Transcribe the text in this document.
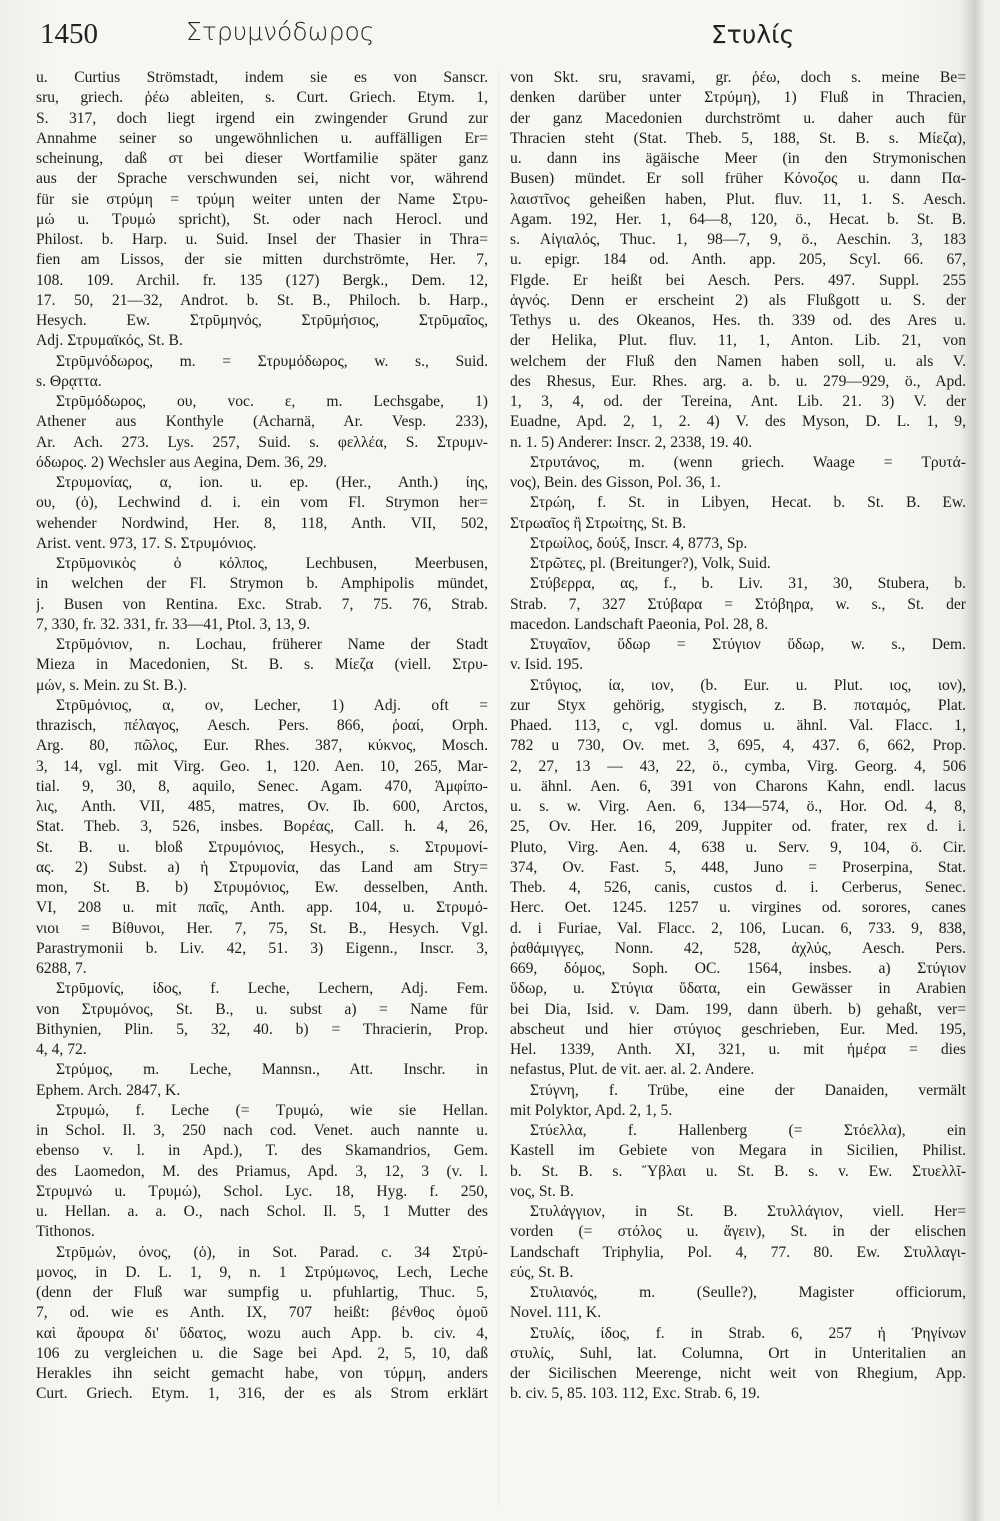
1450	Στρυμνόδωρος	Στυλίς
u. Curtius Strömstadt, indem sie es von Sanscr.
sru, griech. ῥέω ableiten, s. Curt. Griech. Etym. 1,
S. 317, doch liegt irgend ein zwingender Grund zur
Annahme seiner so ungewöhnlichen u. auffälligen Er=
scheinung, daß στ bei dieser Wortfamilie später ganz
aus der Sprache verschwunden sei, nicht vor, während
für sie στρύμη = τρύμη weiter unten der Name Στρυ-
μώ u. Τρυμώ spricht), St. oder nach Herocl. und
Philost. b. Harp. u. Suid. Insel der Thasier in Thra=
fien am Lissos, der sie mitten durchströmte, Her. 7,
108. 109. Archil. fr. 135 (127) Bergk., Dem. 12,
17. 50, 21—32, Androt. b. St. B., Philoch. b. Harp.,
Hesych. Ew. Στρῡμηνός, Στρῡμήσιος, Στρῡμαῖος,
Adj. Στρυμαϊκός, St. B.
Στρῡμνόδωρος, m. = Στρυμόδωρος, w. s., Suid.
s. Θρᾳττα.
Στρῡμόδωρος, ου, voc. ε, m. Lechsgabe, 1)
Athener aus Konthyle (Acharnä, Ar. Vesp. 233),
Ar. Ach. 273. Lys. 257, Suid. s. φελλέα, S. Στρυμν-
όδωρος. 2) Wechsler aus Aegina, Dem. 36, 29.
Στρυμονίας, α, ion. u. ep. (Her., Anth.) ίης,
ου, (ὁ), Lechwind d. i. ein vom Fl. Strymon her=
wehender Nordwind, Her. 8, 118, Anth. VII, 502,
Arist. vent. 973, 17. S. Στρυμόνιος.
Στρῡμονικὸς ὁ κόλπος, Lechbusen, Meerbusen,
in welchen der Fl. Strymon b. Amphipolis mündet,
j. Busen von Rentina. Exc. Strab. 7, 75. 76, Strab.
7, 330, fr. 32. 331, fr. 33—41, Ptol. 3, 13, 9.
Στρῡμόνιον, n. Lochau, früherer Name der Stadt
Mieza in Macedonien, St. B. s. Μίεζα (viell. Στρυ-
μών, s. Mein. zu St. B.).
Στρῡμόνιος, α, ον, Lecher, 1) Adj. oft =
thrazisch, πέλαγος, Aesch. Pers. 866, ῥοαί, Orph.
Arg. 80, πῶλος, Eur. Rhes. 387, κύκνος, Mosch.
3, 14, vgl. mit Virg. Geo. 1, 120. Aen. 10, 265, Mar-
tial. 9, 30, 8, aquilo, Senec. Agam. 470, Ἀμφίπο-
λις, Anth. VII, 485, matres, Ov. Ib. 600, Arctos,
Stat. Theb. 3, 526, insbes. Βορέας, Call. h. 4, 26,
St. B. u. bloß Στρυμόνιος, Hesych., s. Στρυμονί-
ας. 2) Subst. a) ἡ Στρυμονία, das Land am Stry=
mon, St. B. b) Στρυμόνιος, Ew. desselben, Anth.
VI, 208 u. mit παῖς, Anth. app. 104, u. Στρυμό-
νιοι = Βίθυνοι, Her. 7, 75, St. B., Hesych. Vgl.
Parastrymonii b. Liv. 42, 51. 3) Eigenn., Inscr. 3,
6288, 7.
Στρῡμονίς, ίδος, f. Leche, Lechern, Adj. Fem.
von Στρυμόνος, St. B., u. subst a) = Name für
Bithynien, Plin. 5, 32, 40. b) = Thracierin, Prop.
4, 4, 72.
Στρύμος, m. Leche, Mannsn., Att. Inschr. in
Ephem. Arch. 2847, K.
Στρυμώ, f. Leche (= Τρυμώ, wie sie Hellan.
in Schol. Il. 3, 250 nach cod. Venet. auch nannte u.
ebenso v. l. in Apd.), T. des Skamandrios, Gem.
des Laomedon, M. des Priamus, Apd. 3, 12, 3 (v. l.
Στρυμνώ u. Τρυμώ), Schol. Lyc. 18, Hyg. f. 250,
u. Hellan. a. a. O., nach Schol. Il. 5, 1 Mutter des
Tithonos.
Στρῡμών, όνος, (ὁ), in Sot. Parad. c. 34 Στρύ-
μονος, in D. L. 1, 9, n. 1 Στρύμωνος, Lech, Leche
(denn der Fluß war sumpfig u. pfuhlartig, Thuc. 5,
7, od. wie es Anth. IX, 707 heißt: βένθος ὁμοῦ
καὶ ἄρουρα δι' ὕδατος, wozu auch App. b. civ. 4,
106 zu vergleichen u. die Sage bei Apd. 2, 5, 10, daß
Herakles ihn seicht gemacht habe, von τύρμη, anders
Curt. Griech. Etym. 1, 316, der es als Strom erklärt
von Skt. sru, sravami, gr. ῥέω, doch s. meine Be=
denken darüber unter Στρύμη), 1) Fluß in Thracien,
der ganz Macedonien durchströmt u. daher auch für
Thracien steht (Stat. Theb. 5, 188, St. B. s. Μίεζα),
u. dann ins ägäische Meer (in den Strymonischen
Busen) mündet. Er soll früher Κόνοζος u. dann Πα-
λαιστῖνος geheißen haben, Plut. fluv. 11, 1. S. Aesch.
Agam. 192, Her. 1, 64—8, 120, ö., Hecat. b. St. B.
s. Αἰγιαλός, Thuc. 1, 98—7, 9, ö., Aeschin. 3, 183
u. epigr. 184 od. Anth. app. 205, Scyl. 66. 67,
Flgde. Er heißt bei Aesch. Pers. 497. Suppl. 255
ἁγνός. Denn er erscheint 2) als Flußgott u. S. der
Tethys u. des Okeanos, Hes. th. 339 od. des Ares u.
der Helika, Plut. fluv. 11, 1, Anton. Lib. 21, von
welchem der Fluß den Namen haben soll, u. als V.
des Rhesus, Eur. Rhes. arg. a. b. u. 279—929, ö., Apd.
1, 3, 4, od. der Tereina, Ant. Lib. 21. 3) V. der
Euadne, Apd. 2, 1, 2. 4) V. des Myson, D. L. 1, 9,
n. 1. 5) Anderer: Inscr. 2, 2338, 19. 40.
Στρυτάνος, m. (wenn griech. Waage = Τρυτά-
νος), Bein. des Gisson, Pol. 36, 1.
Στρώη, f. St. in Libyen, Hecat. b. St. B. Ew.
Στρωαῖος ἢ Στρωίτης, St. B.
Στρωίλος, δούξ, Inscr. 4, 8773, Sp.
Στρῶτες, pl. (Breitunger?), Volk, Suid.
Στύβερρα, ας, f., b. Liv. 31, 30, Stubera, b.
Strab. 7, 327 Στύβαρα = Στόβηρα, w. s., St. der
macedon. Landschaft Paeonia, Pol. 28, 8.
Στυγαῖον, ὕδωρ = Στύγιον ὕδωρ, w. s., Dem.
v. Isid. 195.
Στΰγιος, ία, ιον, (b. Eur. u. Plut. ιος, ιον),
zur Styx gehörig, stygisch, z. B. ποταμός, Plat.
Phaed. 113, c, vgl. domus u. ähnl. Val. Flacc. 1,
782 u 730, Ov. met. 3, 695, 4, 437. 6, 662, Prop.
2, 27, 13 — 43, 22, ö., cymba, Virg. Georg. 4, 506
u. ähnl. Aen. 6, 391 von Charons Kahn, endl. lacus
u. s. w. Virg. Aen. 6, 134—574, ö., Hor. Od. 4, 8,
25, Ov. Her. 16, 209, Juppiter od. frater, rex d. i.
Pluto, Virg. Aen. 4, 638 u. Serv. 9, 104, ö. Cir.
374, Ov. Fast. 5, 448, Juno = Proserpina, Stat.
Theb. 4, 526, canis, custos d. i. Cerberus, Senec.
Herc. Oet. 1245. 1257 u. virgines od. sorores, canes
d. i Furiae, Val. Flacc. 2, 106, Lucan. 6, 733. 9, 838,
ῥαθάμιγγες, Nonn. 42, 528, ἀχλύς, Aesch. Pers.
669, δόμος, Soph. OC. 1564, insbes. a) Στύγιον
ὕδωρ, u. Στύγια ὕδατα, ein Gewässer in Arabien
bei Dia, Isid. v. Dam. 199, dann überh. b) gehaßt, ver=
abscheut und hier στύγιος geschrieben, Eur. Med. 195,
Hel. 1339, Anth. XI, 321, u. mit ἡμέρα = dies
nefastus, Plut. de vit. aer. al. 2. Andere.
Στύγνη, f. Trübe, eine der Danaiden, vermält
mit Polyktor, Apd. 2, 1, 5.
Στύελλα, f. Hallenberg (= Στόελλα), ein
Kastell im Gebiete von Megara in Sicilien, Philist.
b. St. B. s. Ὕβλαι u. St. B. s. v. Ew. Στυελλῖ-
νος, St. B.
Στυλάγγιον, in St. B. Στυλλάγιον, viell. Her=
vorden (= στόλος u. ἄγειν), St. in der elischen
Landschaft Triphylia, Pol. 4, 77. 80. Ew. Στυλλαγι-
εύς, St. B.
Στυλιανός, m. (Seulle?), Magister officiorum,
Novel. 111, K.
Στυλίς, ίδος, f. in Strab. 6, 257 ἡ Ῥηγίνων
στυλίς, Suhl, lat. Columna, Ort in Unteritalien an
der Sicilischen Meerenge, nicht weit von Rhegium, App.
b. civ. 5, 85. 103. 112, Exc. Strab. 6, 19.
